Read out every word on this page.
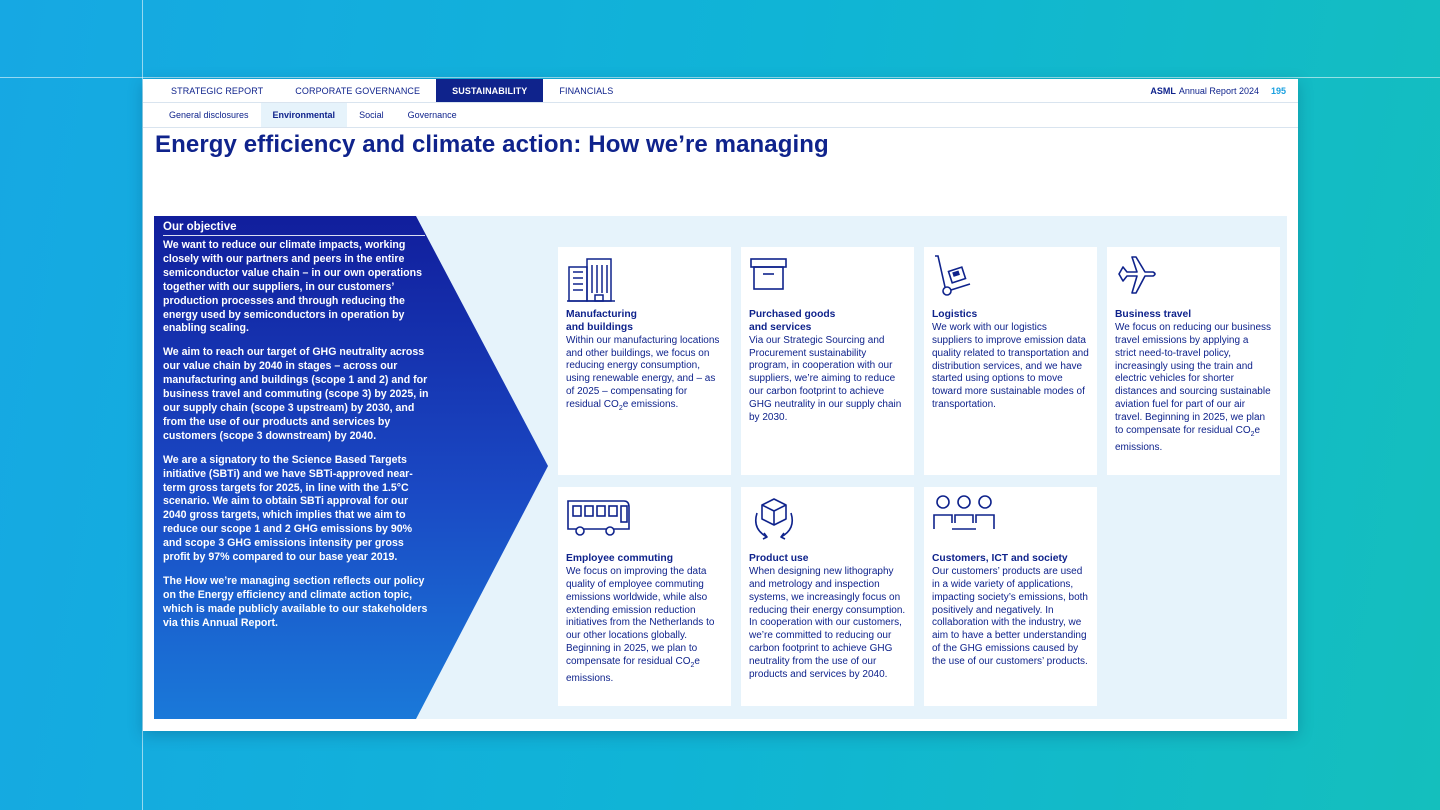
STRATEGIC REPORT	CORPORATE GOVERNANCE	SUSTAINABILITY	FINANCIALS	ASML Annual Report 2024 195
General disclosures	Environmental	Social	Governance
Energy efficiency and climate action: How we’re managing
Our objective

We want to reduce our climate impacts, working closely with our partners and peers in the entire semiconductor value chain – in our own operations together with our suppliers, in our customers’ production processes and through reducing the energy used by semiconductors in operation by enabling scaling.

We aim to reach our target of GHG neutrality across our value chain by 2040 in stages – across our manufacturing and buildings (scope 1 and 2) and for business travel and commuting (scope 3) by 2025, in our supply chain (scope 3 upstream) by 2030, and from the use of our products and services by customers (scope 3 downstream) by 2040.

We are a signatory to the Science Based Targets initiative (SBTi) and we have SBTi-approved near-term gross targets for 2025, in line with the 1.5°C scenario. We aim to obtain SBTi approval for our 2040 gross targets, which implies that we aim to reduce our scope 1 and 2 GHG emissions by 90% and scope 3 GHG emissions intensity per gross profit by 97% compared to our base year 2019.

The How we’re managing section reflects our policy on the Energy efficiency and climate action topic, which is made publicly available to our stakeholders via this Annual Report.

Manufacturing
and buildings

Within our manufacturing locations and other buildings, we focus on reducing energy consumption, using renewable energy, and – as of 2025 – compensating for residual $CO_2e$ emissions.

Purchased goods
and services

Via our Strategic Sourcing and Procurement sustainability program, in cooperation with our suppliers, we’re aiming to reduce our carbon footprint to achieve GHG neutrality in our supply chain by 2030.

Logistics

We work with our logistics suppliers to improve emission data quality related to transportation and distribution services, and we have started using options to move toward more sustainable modes of transportation.

Business travel

We focus on reducing our business travel emissions by applying a strict need-to-travel policy, increasingly using the train and electric vehicles for shorter distances and sourcing sustainable aviation fuel for part of our air travel. Beginning in 2025, we plan to compensate for residual $CO_2e$ emissions.

Employee commuting

We focus on improving the data quality of employee commuting emissions worldwide, while also extending emission reduction initiatives from the Netherlands to our other locations globally. Beginning in 2025, we plan to compensate for residual $CO_2e$ emissions.

Product use

When designing new lithography and metrology and inspection systems, we increasingly focus on reducing their energy consumption. In cooperation with our customers, we’re committed to reducing our carbon footprint to achieve GHG neutrality from the use of our products and services by 2040.

Customers, ICT and society

Our customers’ products are used in a wide variety of applications, impacting society’s emissions, both positively and negatively. In collaboration with the industry, we aim to have a better understanding of the GHG emissions caused by the use of our customers’ products.
